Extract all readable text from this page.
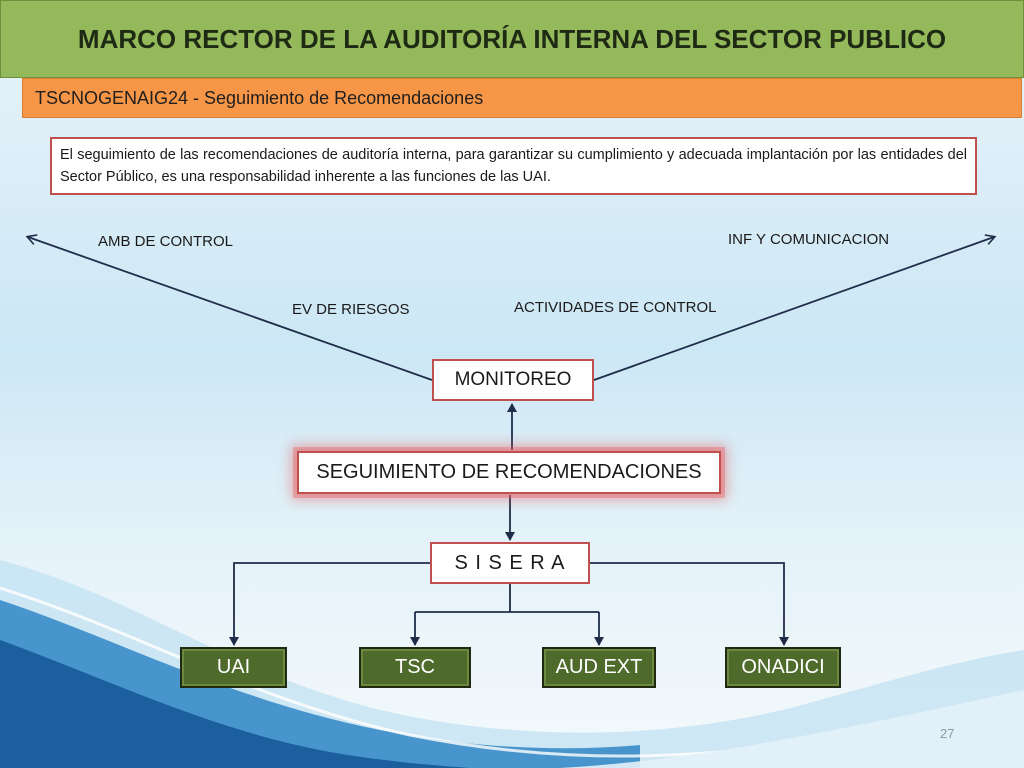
MARCO RECTOR DE LA AUDITORÍA INTERNA DEL SECTOR PUBLICO
TSCNOGENAIG24 - Seguimiento de Recomendaciones
El seguimiento de las recomendaciones de auditoría interna, para garantizar su cumplimiento y adecuada implantación por las entidades del Sector Público, es una responsabilidad inherente a las funciones de las UAI.
AMB DE CONTROL	INF Y COMUNICACION
EV DE RIESGOS	ACTIVIDADES DE CONTROL
MONITOREO
SEGUIMIENTO DE RECOMENDACIONES
S I S E R A
UAI	TSC	AUD EXT	ONADICI
27
